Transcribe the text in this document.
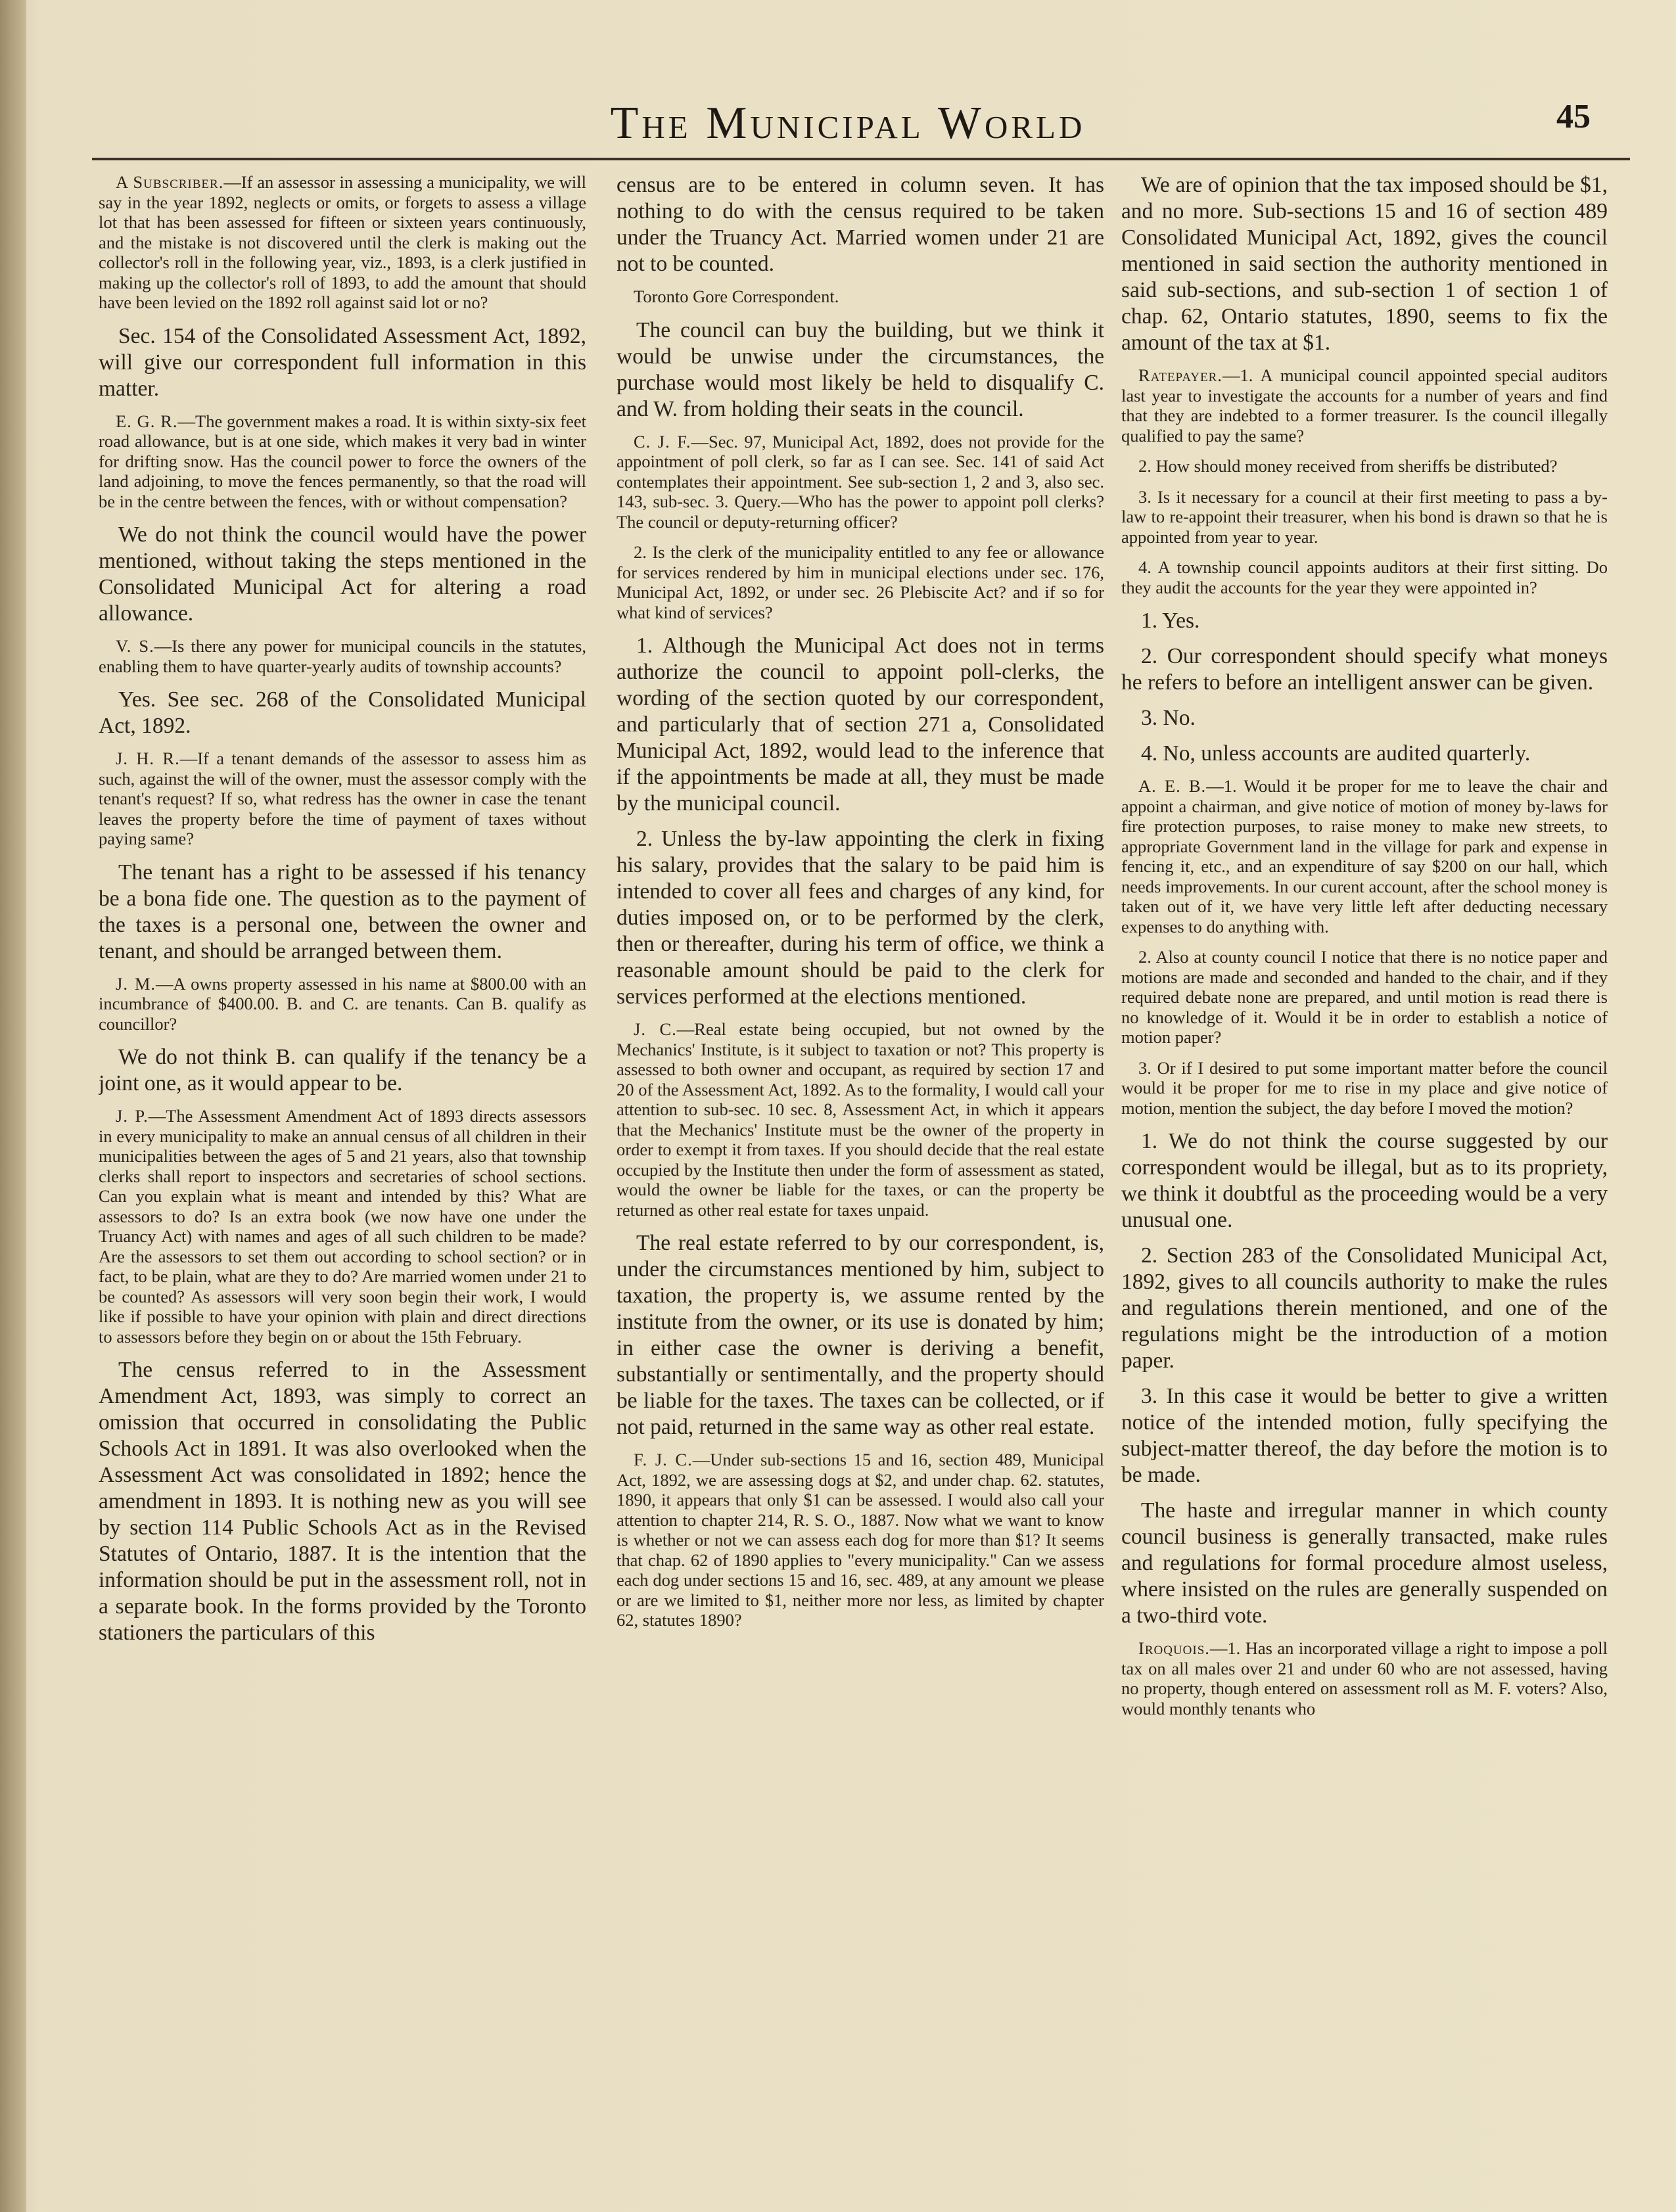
The Municipal World	45

A Subscriber.—If an assessor in assessing a municipality, we will say in the year 1892, neglects or omits, or forgets to assess a village lot that has been assessed for fifteen or sixteen years continuously, and the mistake is not discovered until the clerk is making out the collector's roll in the following year, viz., 1893, is a clerk justified in making up the collector's roll of 1893, to add the amount that should have been levied on the 1892 roll against said lot or no?

Sec. 154 of the Consolidated Assessment Act, 1892, will give our correspondent full information in this matter.

E. G. R.—The government makes a road. It is within sixty-six feet road allowance, but is at one side, which makes it very bad in winter for drifting snow. Has the council power to force the owners of the land adjoining, to move the fences permanently, so that the road will be in the centre between the fences, with or without compensation?

We do not think the council would have the power mentioned, without taking the steps mentioned in the Consolidated Municipal Act for altering a road allowance.

V. S.—Is there any power for municipal councils in the statutes, enabling them to have quarter-yearly audits of township accounts?

Yes. See sec. 268 of the Consolidated Municipal Act, 1892.

J. H. R.—If a tenant demands of the assessor to assess him as such, against the will of the owner, must the assessor comply with the tenant's request? If so, what redress has the owner in case the tenant leaves the property before the time of payment of taxes without paying same?

The tenant has a right to be assessed if his tenancy be a bona fide one. The question as to the payment of the taxes is a personal one, between the owner and tenant, and should be arranged between them.

J. M.—A owns property assessed in his name at $800.00 with an incumbrance of $400.00. B. and C. are tenants. Can B. qualify as councillor?

We do not think B. can qualify if the tenancy be a joint one, as it would appear to be.

J. P.—The Assessment Amendment Act of 1893 directs assessors in every municipality to make an annual census of all children in their municipalities between the ages of 5 and 21 years, also that township clerks shall report to inspectors and secretaries of school sections. Can you explain what is meant and intended by this? What are assessors to do? Is an extra book (we now have one under the Truancy Act) with names and ages of all such children to be made? Are the assessors to set them out according to school section? or in fact, to be plain, what are they to do? Are married women under 21 to be counted? As assessors will very soon begin their work, I would like if possible to have your opinion with plain and direct directions to assessors before they begin on or about the 15th February.

The census referred to in the Assessment Amendment Act, 1893, was simply to correct an omission that occurred in consolidating the Public Schools Act in 1891. It was also overlooked when the Assessment Act was consolidated in 1892; hence the amendment in 1893. It is nothing new as you will see by section 114 Public Schools Act as in the Revised Statutes of Ontario, 1887. It is the intention that the information should be put in the assessment roll, not in a separate book. In the forms provided by the Toronto stationers the particulars of this

census are to be entered in column seven. It has nothing to do with the census required to be taken under the Truancy Act. Married women under 21 are not to be counted.

Toronto Gore Correspondent.

The council can buy the building, but we think it would be unwise under the circumstances, the purchase would most likely be held to disqualify C. and W. from holding their seats in the council.

C. J. F.—Sec. 97, Municipal Act, 1892, does not provide for the appointment of poll clerk, so far as I can see. Sec. 141 of said Act contemplates their appointment. See sub-section 1, 2 and 3, also sec. 143, sub-sec. 3. Query.—Who has the power to appoint poll clerks? The council or deputy-returning officer?

2. Is the clerk of the municipality entitled to any fee or allowance for services rendered by him in municipal elections under sec. 176, Municipal Act, 1892, or under sec. 26 Plebiscite Act? and if so for what kind of services?

1. Although the Municipal Act does not in terms authorize the council to appoint poll-clerks, the wording of the section quoted by our correspondent, and particularly that of section 271 a, Consolidated Municipal Act, 1892, would lead to the inference that if the appointments be made at all, they must be made by the municipal council.

2. Unless the by-law appointing the clerk in fixing his salary, provides that the salary to be paid him is intended to cover all fees and charges of any kind, for duties imposed on, or to be performed by the clerk, then or thereafter, during his term of office, we think a reasonable amount should be paid to the clerk for services performed at the elections mentioned.

J. C.—Real estate being occupied, but not owned by the Mechanics' Institute, is it subject to taxation or not? This property is assessed to both owner and occupant, as required by section 17 and 20 of the Assessment Act, 1892. As to the formality, I would call your attention to sub-sec. 10 sec. 8, Assessment Act, in which it appears that the Mechanics' Institute must be the owner of the property in order to exempt it from taxes. If you should decide that the real estate occupied by the Institute then under the form of assessment as stated, would the owner be liable for the taxes, or can the property be returned as other real estate for taxes unpaid.

The real estate referred to by our correspondent, is, under the circumstances mentioned by him, subject to taxation, the property is, we assume rented by the institute from the owner, or its use is donated by him; in either case the owner is deriving a benefit, substantially or sentimentally, and the property should be liable for the taxes. The taxes can be collected, or if not paid, returned in the same way as other real estate.

F. J. C.—Under sub-sections 15 and 16, section 489, Municipal Act, 1892, we are assessing dogs at $2, and under chap. 62. statutes, 1890, it appears that only $1 can be assessed. I would also call your attention to chapter 214, R. S. O., 1887. Now what we want to know is whether or not we can assess each dog for more than $1? It seems that chap. 62 of 1890 applies to "every municipality." Can we assess each dog under sections 15 and 16, sec. 489, at any amount we please or are we limited to $1, neither more nor less, as limited by chapter 62, statutes 1890?

We are of opinion that the tax imposed should be $1, and no more. Sub-sections 15 and 16 of section 489 Consolidated Municipal Act, 1892, gives the council mentioned in said section the authority mentioned in said sub-sections, and sub-section 1 of section 1 of chap. 62, Ontario statutes, 1890, seems to fix the amount of the tax at $1.

Ratepayer.—1. A municipal council appointed special auditors last year to investigate the accounts for a number of years and find that they are indebted to a former treasurer. Is the council illegally qualified to pay the same?

2. How should money received from sheriffs be distributed?

3. Is it necessary for a council at their first meeting to pass a by-law to re-appoint their treasurer, when his bond is drawn so that he is appointed from year to year.

4. A township council appoints auditors at their first sitting. Do they audit the accounts for the year they were appointed in?

1. Yes.

2. Our correspondent should specify what moneys he refers to before an intelligent answer can be given.

3. No.

4. No, unless accounts are audited quarterly.

A. E. B.—1. Would it be proper for me to leave the chair and appoint a chairman, and give notice of motion of money by-laws for fire protection purposes, to raise money to make new streets, to appropriate Government land in the village for park and expense in fencing it, etc., and an expenditure of say $200 on our hall, which needs improvements. In our curent account, after the school money is taken out of it, we have very little left after deducting necessary expenses to do anything with.

2. Also at county council I notice that there is no notice paper and motions are made and seconded and handed to the chair, and if they required debate none are prepared, and until motion is read there is no knowledge of it. Would it be in order to establish a notice of motion paper?

3. Or if I desired to put some important matter before the council would it be proper for me to rise in my place and give notice of motion, mention the subject, the day before I moved the motion?

1. We do not think the course suggested by our correspondent would be illegal, but as to its propriety, we think it doubtful as the proceeding would be a very unusual one.

2. Section 283 of the Consolidated Municipal Act, 1892, gives to all councils authority to make the rules and regulations therein mentioned, and one of the regulations might be the introduction of a motion paper.

3. In this case it would be better to give a written notice of the intended motion, fully specifying the subject-matter thereof, the day before the motion is to be made.

The haste and irregular manner in which county council business is generally transacted, make rules and regulations for formal procedure almost useless, where insisted on the rules are generally suspended on a two-third vote.

Iroquois.—1. Has an incorporated village a right to impose a poll tax on all males over 21 and under 60 who are not assessed, having no property, though entered on assessment roll as M. F. voters? Also, would monthly tenants who
